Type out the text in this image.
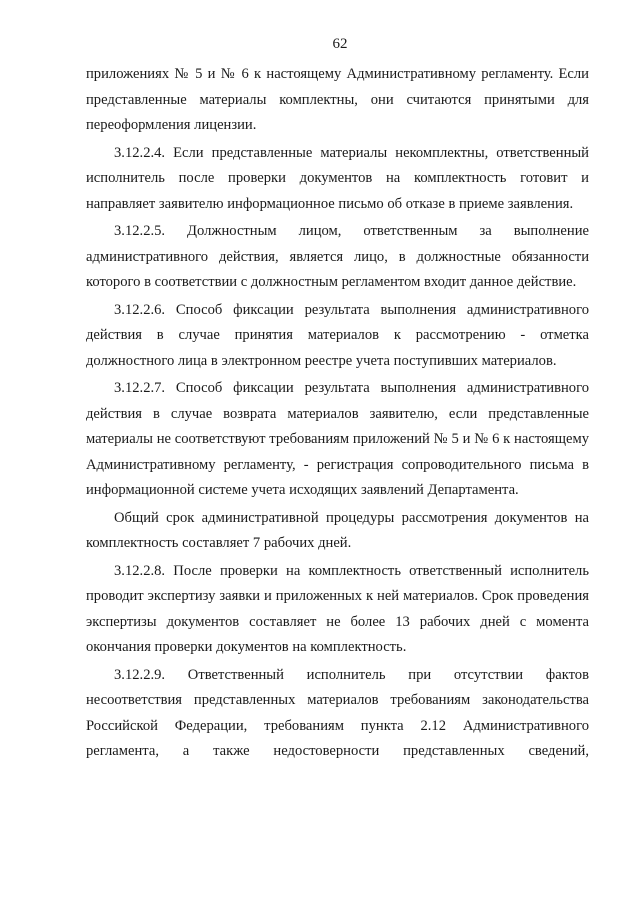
62

приложениях № 5 и № 6 к настоящему Административному регламенту. Если представленные материалы комплектны, они считаются принятыми для переоформления лицензии.

3.12.2.4. Если представленные материалы некомплектны, ответственный исполнитель после проверки документов на комплектность готовит и направляет заявителю информационное письмо об отказе в приеме заявления.

3.12.2.5. Должностным лицом, ответственным за выполнение административного действия, является лицо, в должностные обязанности которого в соответствии с должностным регламентом входит данное действие.

3.12.2.6. Способ фиксации результата выполнения административного действия в случае принятия материалов к рассмотрению - отметка должностного лица в электронном реестре учета поступивших материалов.

3.12.2.7. Способ фиксации результата выполнения административного действия в случае возврата материалов заявителю, если представленные материалы не соответствуют требованиям приложений № 5 и № 6 к настоящему Административному регламенту, - регистрация сопроводительного письма в информационной системе учета исходящих заявлений Департамента.

Общий срок административной процедуры рассмотрения документов на комплектность составляет 7 рабочих дней.

3.12.2.8. После проверки на комплектность ответственный исполнитель проводит экспертизу заявки и приложенных к ней материалов. Срок проведения экспертизы документов составляет не более 13 рабочих дней с момента окончания проверки документов на комплектность.

3.12.2.9. Ответственный исполнитель при отсутствии фактов несоответствия представленных материалов требованиям законодательства Российской Федерации, требованиям пункта 2.12 Административного регламента, а также недостоверности представленных сведений,
